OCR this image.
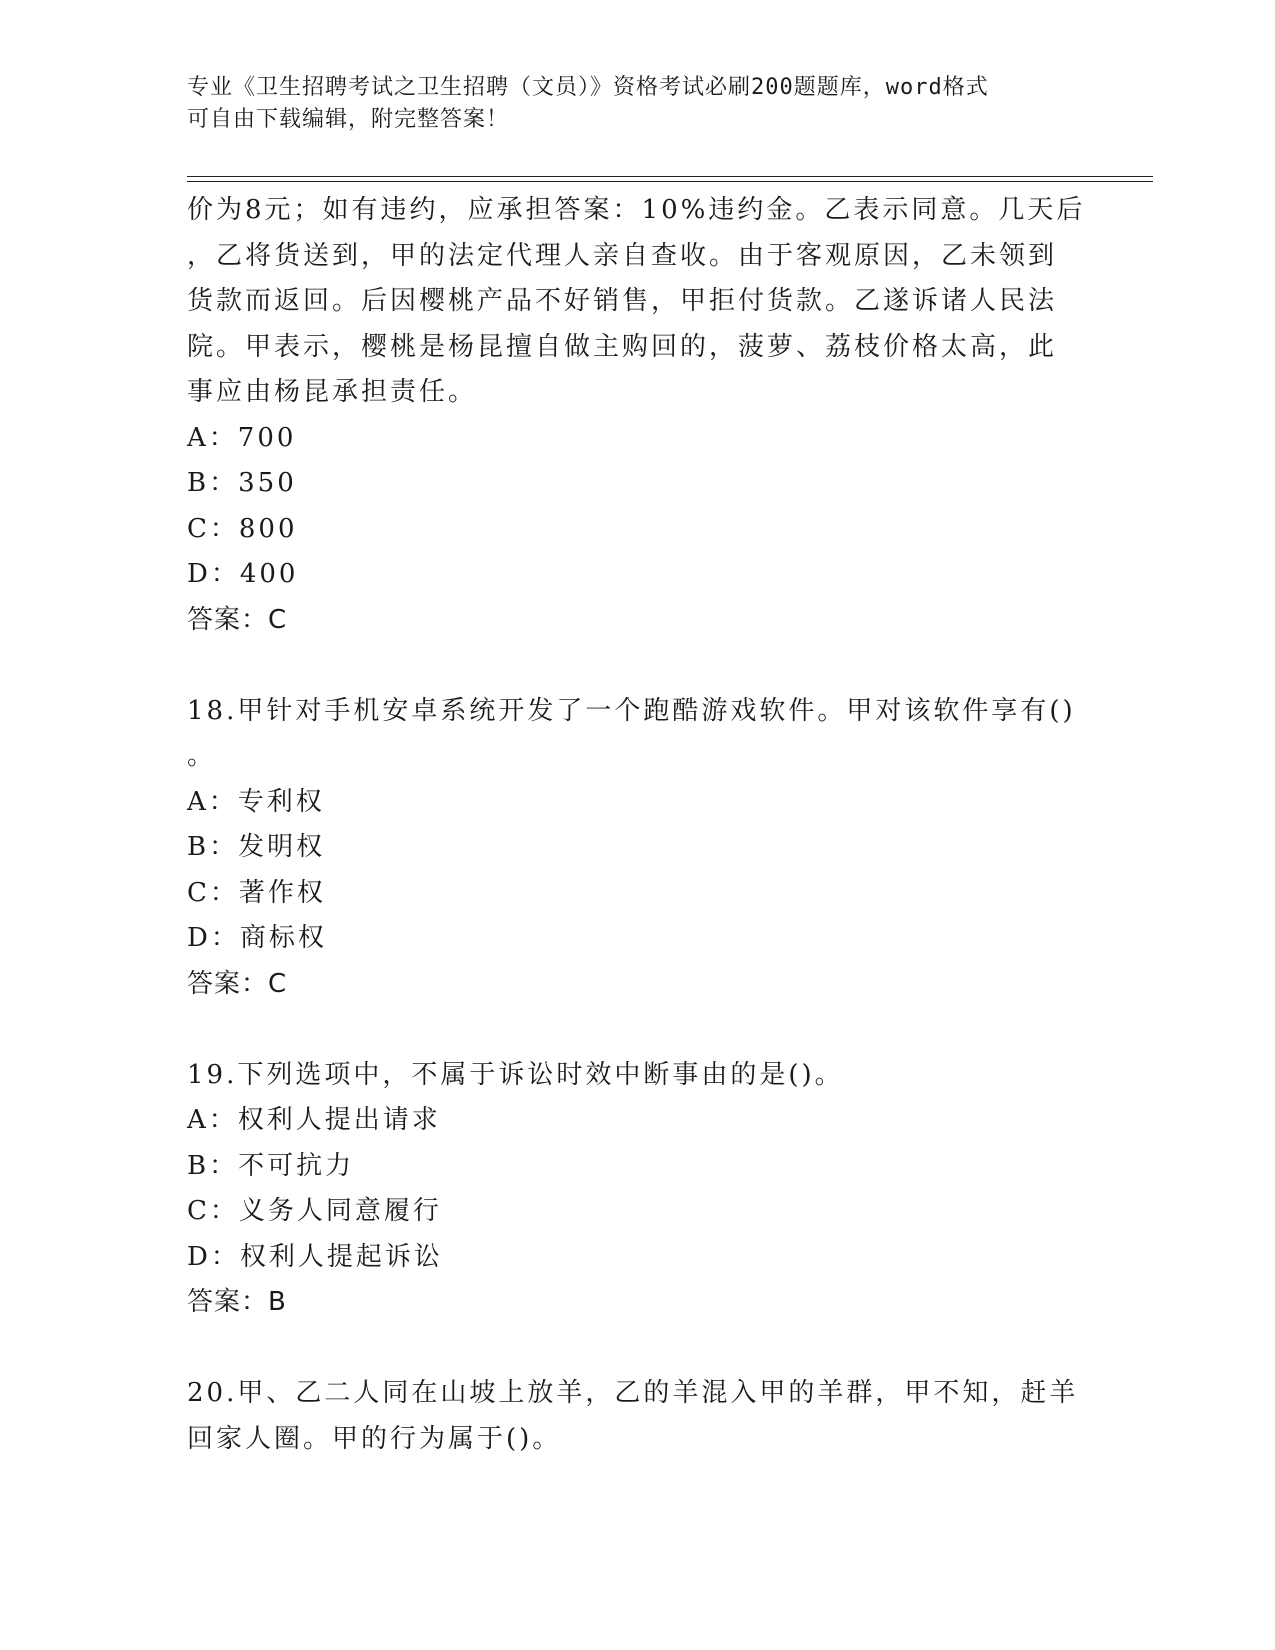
专业《卫生招聘考试之卫生招聘（文员）》资格考试必刷200题题库，word格式
可自由下载编辑，附完整答案！
价为8元；如有违约，应承担答案：10%违约金。乙表示同意。几天后
，乙将货送到，甲的法定代理人亲自查收。由于客观原因，乙未领到
货款而返回。后因樱桃产品不好销售，甲拒付货款。乙遂诉诸人民法
院。甲表示，樱桃是杨昆擅自做主购回的，菠萝、荔枝价格太高，此
事应由杨昆承担责任。
A：700
B：350
C：800
D：400
答案：C
18.甲针对手机安卓系统开发了一个跑酷游戏软件。甲对该软件享有()
。
A：专利权
B：发明权
C：著作权
D：商标权
答案：C
19.下列选项中，不属于诉讼时效中断事由的是()。
A：权利人提出请求
B：不可抗力
C：义务人同意履行
D：权利人提起诉讼
答案：B
20.甲、乙二人同在山坡上放羊，乙的羊混入甲的羊群，甲不知，赶羊
回家人圈。甲的行为属于()。
